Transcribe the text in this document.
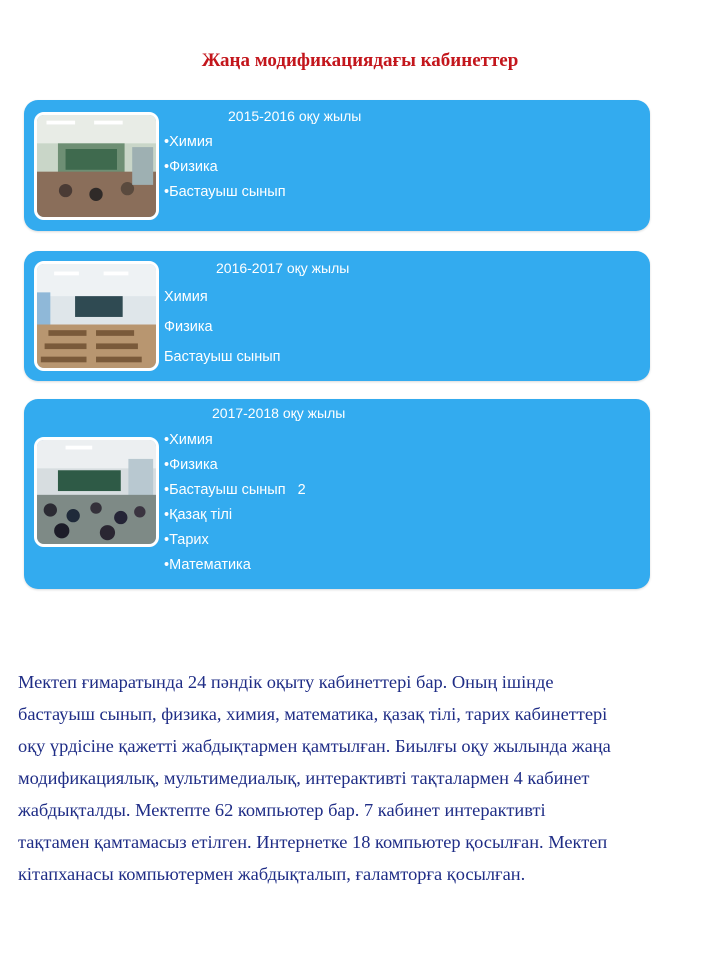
Жаңа модификациядағы кабинеттер
2015-2016 оқу жылы
•Химия
•Физика
•Бастауыш сынып
2016-2017 оқу жылы
Химия
Физика
Бастауыш сынып
2017-2018 оқу жылы
•Химия
•Физика
•Бастауыш сынып   2
•Қазақ тілі
•Тарих
•Математика
Мектеп ғимаратында 24 пәндік оқыту кабинеттері бар. Оның ішінде
бастауыш сынып, физика, химия, математика, қазақ тілі, тарих кабинеттері
оқу үрдісіне қажетті жабдықтармен қамтылған. Биылғы оқу жылында жаңа
модификациялық, мультимедиалық, интерактивті тақталармен 4 кабинет
жабдықталды. Мектепте 62 компьютер бар. 7 кабинет интерактивті
тақтамен қамтамасыз етілген. Интернетке 18 компьютер қосылған. Мектеп
кітапханасы компьютермен жабдықталып, ғаламторға қосылған.
